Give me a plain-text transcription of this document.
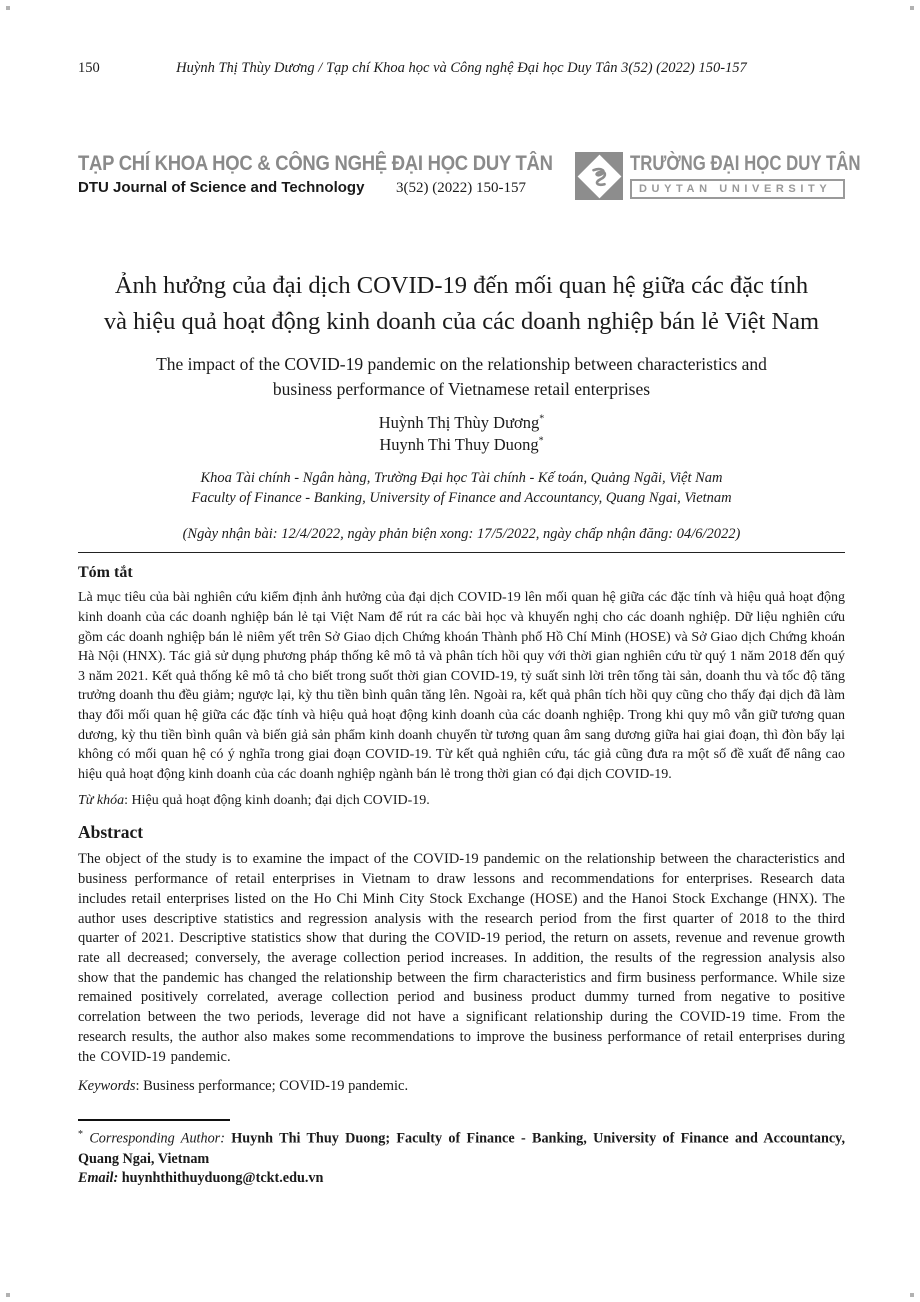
150	Huỳnh Thị Thùy Dương / Tạp chí Khoa học và Công nghệ Đại học Duy Tân 3(52) (2022) 150-157
TẠP CHÍ KHOA HỌC & CÔNG NGHỆ ĐẠI HỌC DUY TÂN
DTU Journal of Science and Technology 3(52) (2022) 150-157
TRƯỜNG ĐẠI HỌC DUY TÂN
DUYTAN UNIVERSITY
Ảnh hưởng của đại dịch COVID-19 đến mối quan hệ giữa các đặc tính
và hiệu quả hoạt động kinh doanh của các doanh nghiệp bán lẻ Việt Nam
The impact of the COVID-19 pandemic on the relationship between characteristics and
business performance of Vietnamese retail enterprises
Huỳnh Thị Thùy Dương*
Huynh Thi Thuy Duong*
Khoa Tài chính - Ngân hàng, Trường Đại học Tài chính - Kế toán, Quảng Ngãi, Việt Nam
Faculty of Finance - Banking, University of Finance and Accountancy, Quang Ngai, Vietnam
(Ngày nhận bài: 12/4/2022, ngày phản biện xong: 17/5/2022, ngày chấp nhận đăng: 04/6/2022)
Tóm tắt
Là mục tiêu của bài nghiên cứu kiểm định ảnh hưởng của đại dịch COVID-19 lên mối quan hệ giữa các đặc tính và hiệu quả hoạt động kinh doanh của các doanh nghiệp bán lẻ tại Việt Nam để rút ra các bài học và khuyến nghị cho các doanh nghiệp. Dữ liệu nghiên cứu gồm các doanh nghiệp bán lẻ niêm yết trên Sở Giao dịch Chứng khoán Thành phố Hồ Chí Minh (HOSE) và Sở Giao dịch Chứng khoán Hà Nội (HNX). Tác giả sử dụng phương pháp thống kê mô tả và phân tích hồi quy với thời gian nghiên cứu từ quý 1 năm 2018 đến quý 3 năm 2021. Kết quả thống kê mô tả cho biết trong suốt thời gian COVID-19, tỷ suất sinh lời trên tổng tài sản, doanh thu và tốc độ tăng trưởng doanh thu đều giảm; ngược lại, kỳ thu tiền bình quân tăng lên. Ngoài ra, kết quả phân tích hồi quy cũng cho thấy đại dịch đã làm thay đổi mối quan hệ giữa các đặc tính và hiệu quả hoạt động kinh doanh của các doanh nghiệp. Trong khi quy mô vẫn giữ tương quan dương, kỳ thu tiền bình quân và biến giả sản phẩm kinh doanh chuyển từ tương quan âm sang dương giữa hai giai đoạn, thì đòn bẩy lại không có mối quan hệ có ý nghĩa trong giai đoạn COVID-19. Từ kết quả nghiên cứu, tác giả cũng đưa ra một số đề xuất để nâng cao hiệu quả hoạt động kinh doanh của các doanh nghiệp ngành bán lẻ trong thời gian có đại dịch COVID-19.
Từ khóa: Hiệu quả hoạt động kinh doanh; đại dịch COVID-19.
Abstract
The object of the study is to examine the impact of the COVID-19 pandemic on the relationship between the characteristics and business performance of retail enterprises in Vietnam to draw lessons and recommendations for enterprises. Research data includes retail enterprises listed on the Ho Chi Minh City Stock Exchange (HOSE) and the Hanoi Stock Exchange (HNX). The author uses descriptive statistics and regression analysis with the research period from the first quarter of 2018 to the third quarter of 2021. Descriptive statistics show that during the COVID-19 period, the return on assets, revenue and revenue growth rate all decreased; conversely, the average collection period increases. In addition, the results of the regression analysis also show that the pandemic has changed the relationship between the firm characteristics and firm business performance. While size remained positively correlated, average collection period and business product dummy turned from negative to positive correlation between the two periods, leverage did not have a significant relationship during the COVID-19 time. From the research results, the author also makes some recommendations to improve the business performance of retail enterprises during the COVID-19 pandemic.
Keywords: Business performance; COVID-19 pandemic.
* Corresponding Author: Huynh Thi Thuy Duong; Faculty of Finance - Banking, University of Finance and Accountancy, Quang Ngai, Vietnam
Email: huynhthithuyduong@tckt.edu.vn
